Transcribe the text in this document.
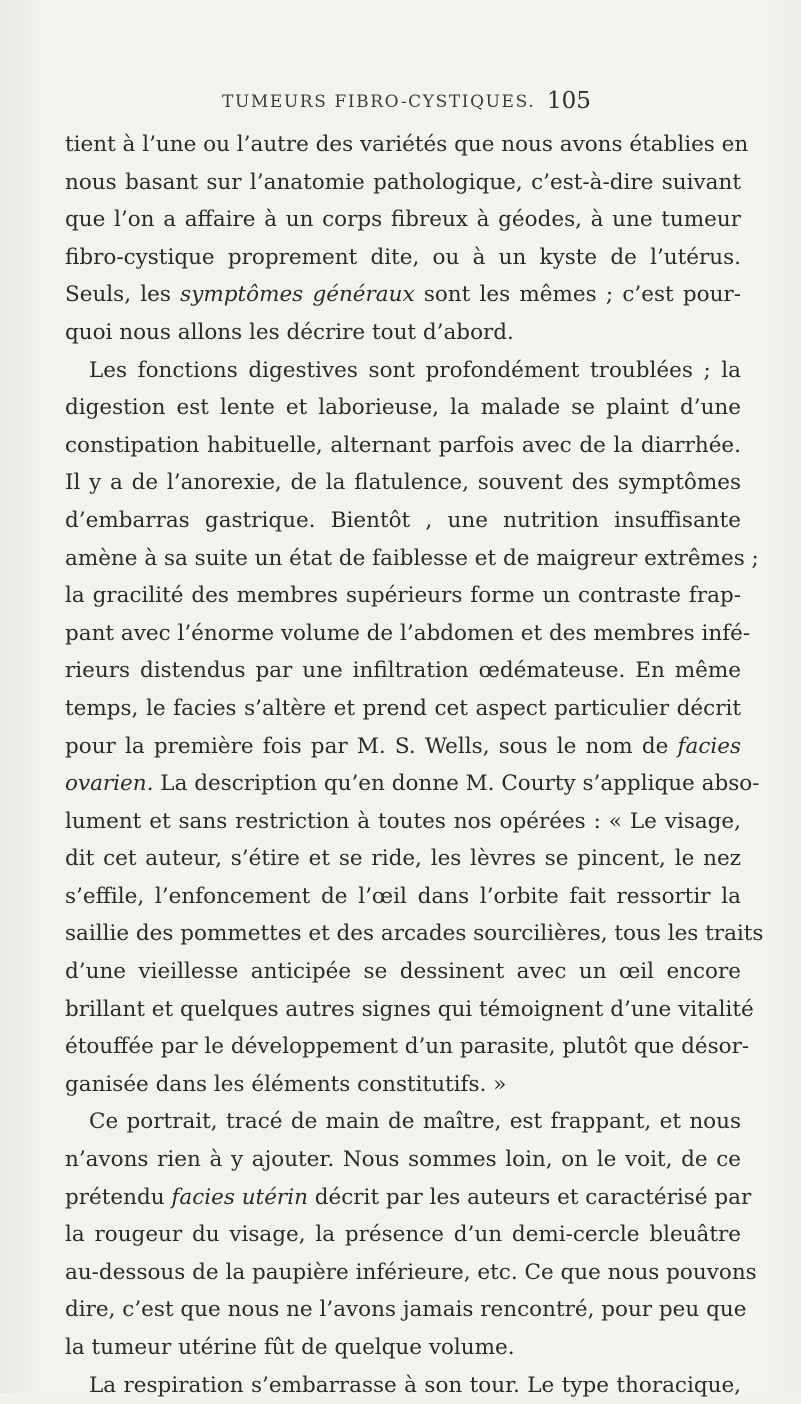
TUMEURS FIBRO-CYSTIQUES. 105
tient à l’une ou l’autre des variétés que nous avons établies en
nous basant sur l’anatomie pathologique, c’est-à-dire suivant
que l’on a affaire à un corps fibreux à géodes, à une tumeur
fibro-cystique proprement dite, ou à un kyste de l’utérus.
Seuls, les symptômes généraux sont les mêmes ; c’est pour-
quoi nous allons les décrire tout d’abord.
Les fonctions digestives sont profondément troublées ; la
digestion est lente et laborieuse, la malade se plaint d’une
constipation habituelle, alternant parfois avec de la diarrhée.
Il y a de l’anorexie, de la flatulence, souvent des symptômes
d’embarras gastrique. Bientôt , une nutrition insuffisante
amène à sa suite un état de faiblesse et de maigreur extrêmes ;
la gracilité des membres supérieurs forme un contraste frap-
pant avec l’énorme volume de l’abdomen et des membres infé-
rieurs distendus par une infiltration œdémateuse. En même
temps, le facies s’altère et prend cet aspect particulier décrit
pour la première fois par M. S. Wells, sous le nom de facies
ovarien. La description qu’en donne M. Courty s’applique abso-
lument et sans restriction à toutes nos opérées : « Le visage,
dit cet auteur, s’étire et se ride, les lèvres se pincent, le nez
s’effile, l’enfoncement de l’œil dans l’orbite fait ressortir la
saillie des pommettes et des arcades sourcilières, tous les traits
d’une vieillesse anticipée se dessinent avec un œil encore
brillant et quelques autres signes qui témoignent d’une vitalité
étouffée par le développement d’un parasite, plutôt que désor-
ganisée dans les éléments constitutifs. »
Ce portrait, tracé de main de maître, est frappant, et nous
n’avons rien à y ajouter. Nous sommes loin, on le voit, de ce
prétendu facies utérin décrit par les auteurs et caractérisé par
la rougeur du visage, la présence d’un demi-cercle bleuâtre
au-dessous de la paupière inférieure, etc. Ce que nous pouvons
dire, c’est que nous ne l’avons jamais rencontré, pour peu que
la tumeur utérine fût de quelque volume.
La respiration s’embarrasse à son tour. Le type thoracique,
